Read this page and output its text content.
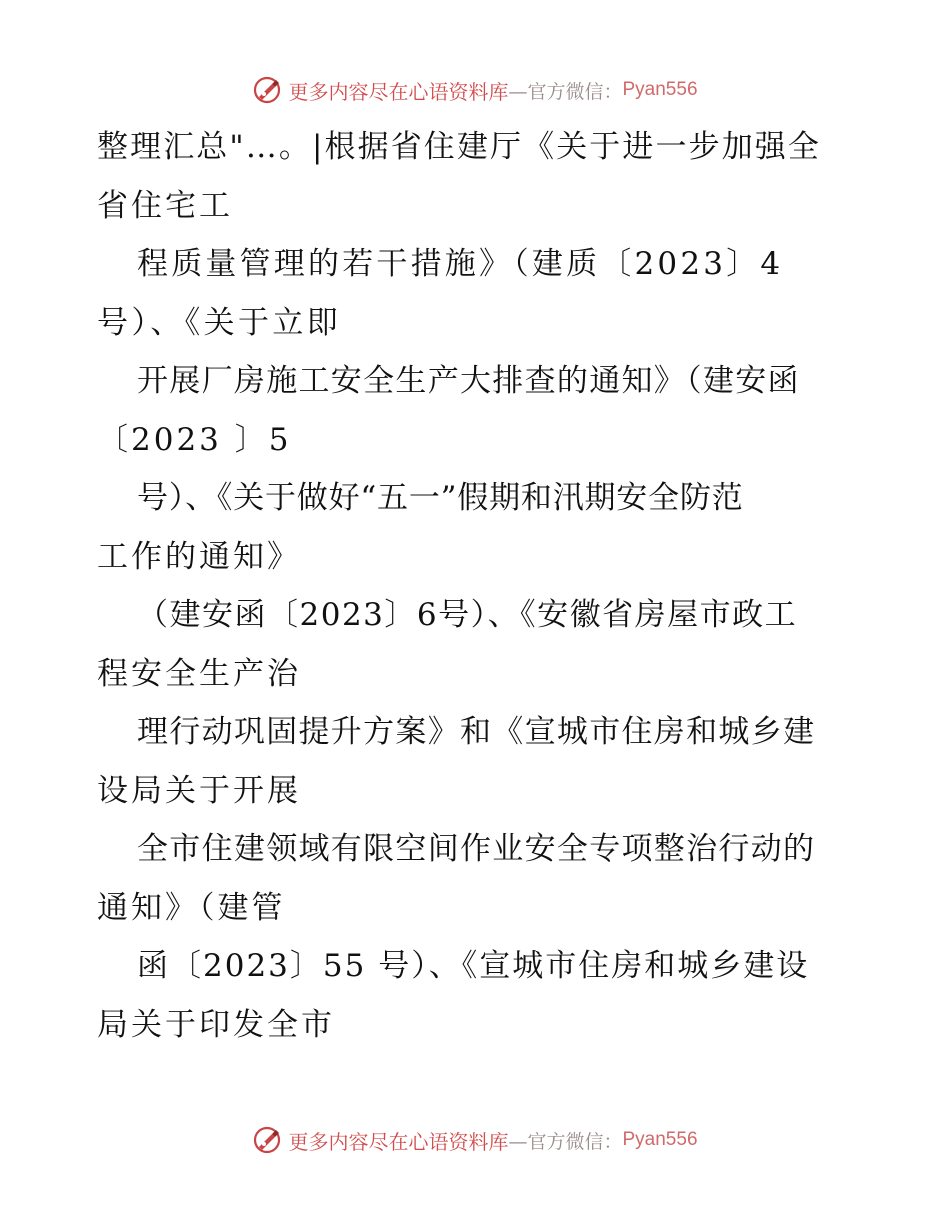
更多内容尽在心语资料库 —官方微信： Pyan556
整理汇总"…。|根据省住建厅《关于进一步加强全
省住宅工
程质量管理的若干措施》（建质〔2023〕4
号）、《关于立即
开展厂房施工安全生产大排查的通知》（建安函
〔2023 〕5
号）、《关于做好“五一”假期和汛期安全防范
工作的通知》
（建安函〔2023〕6号）、《安徽省房屋市政工
程安全生产治
理行动巩固提升方案》和《宣城市住房和城乡建
设局关于开展
全市住建领域有限空间作业安全专项整治行动的
通知》（建管
函〔2023〕55 号）、《宣城市住房和城乡建设
局关于印发全市
更多内容尽在心语资料库 —官方微信： Pyan556
